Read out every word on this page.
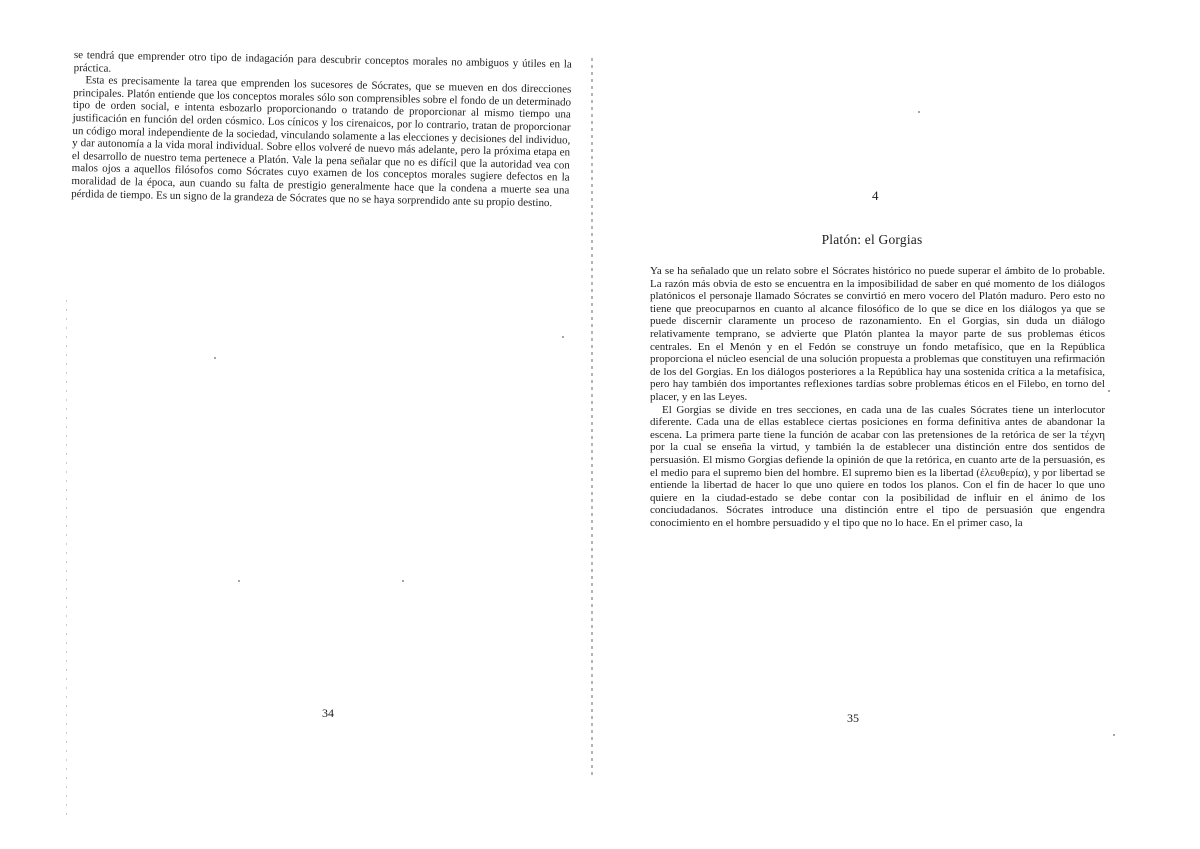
se tendrá que emprender otro tipo de indagación para descubrir conceptos morales no ambiguos y útiles en la práctica.

Esta es precisamente la tarea que emprenden los sucesores de Sócrates, que se mueven en dos direcciones principales. Platón entiende que los conceptos morales sólo son comprensibles sobre el fondo de un determinado tipo de orden social, e intenta esbozarlo proporcionando o tratando de proporcionar al mismo tiempo una justificación en función del orden cósmico. Los cínicos y los cirenaicos, por lo contrario, tratan de proporcionar un código moral independiente de la sociedad, vinculando solamente a las elecciones y decisiones del individuo, y dar autonomía a la vida moral individual. Sobre ellos volveré de nuevo más adelante, pero la próxima etapa en el desarrollo de nuestro tema pertenece a Platón. Vale la pena señalar que no es difícil que la autoridad vea con malos ojos a aquellos filósofos como Sócrates cuyo examen de los conceptos morales sugiere defectos en la moralidad de la época, aun cuando su falta de prestigio generalmente hace que la condena a muerte sea una pérdida de tiempo. Es un signo de la grandeza de Sócrates que no se haya sorprendido ante su propio destino.

34
4
Platón: el Gorgias

Ya se ha señalado que un relato sobre el Sócrates histórico no puede superar el ámbito de lo probable. La razón más obvia de esto se encuentra en la imposibilidad de saber en qué momento de los diálogos platónicos el personaje llamado Sócrates se convirtió en mero vocero del Platón maduro. Pero esto no tiene que preocuparnos en cuanto al alcance filosófico de lo que se dice en los diálogos ya que se puede discernir claramente un proceso de razonamiento. En el Gorgias, sin duda un diálogo relativamente temprano, se advierte que Platón plantea la mayor parte de sus problemas éticos centrales. En el Menón y en el Fedón se construye un fondo metafísico, que en la República proporciona el núcleo esencial de una solución propuesta a problemas que constituyen una refirmación de los del Gorgias. En los diálogos posteriores a la República hay una sostenida crítica a la metafísica, pero hay también dos importantes reflexiones tardías sobre problemas éticos en el Filebo, en torno del placer, y en las Leyes.

El Gorgias se divide en tres secciones, en cada una de las cuales Sócrates tiene un interlocutor diferente. Cada una de ellas establece ciertas posiciones en forma definitiva antes de abandonar la escena. La primera parte tiene la función de acabar con las pretensiones de la retórica de ser la τέχνη por la cual se enseña la virtud, y también la de establecer una distinción entre dos sentidos de persuasión. El mismo Gorgias defiende la opinión de que la retórica, en cuanto arte de la persuasión, es el medio para el supremo bien del hombre. El supremo bien es la libertad (ἐλευθερία), y por libertad se entiende la libertad de hacer lo que uno quiere en todos los planos. Con el fin de hacer lo que uno quiere en la ciudad-estado se debe contar con la posibilidad de influir en el ánimo de los conciudadanos. Sócrates introduce una distinción entre el tipo de persuasión que engendra conocimiento en el hombre persuadido y el tipo que no lo hace. En el primer caso, la

35
